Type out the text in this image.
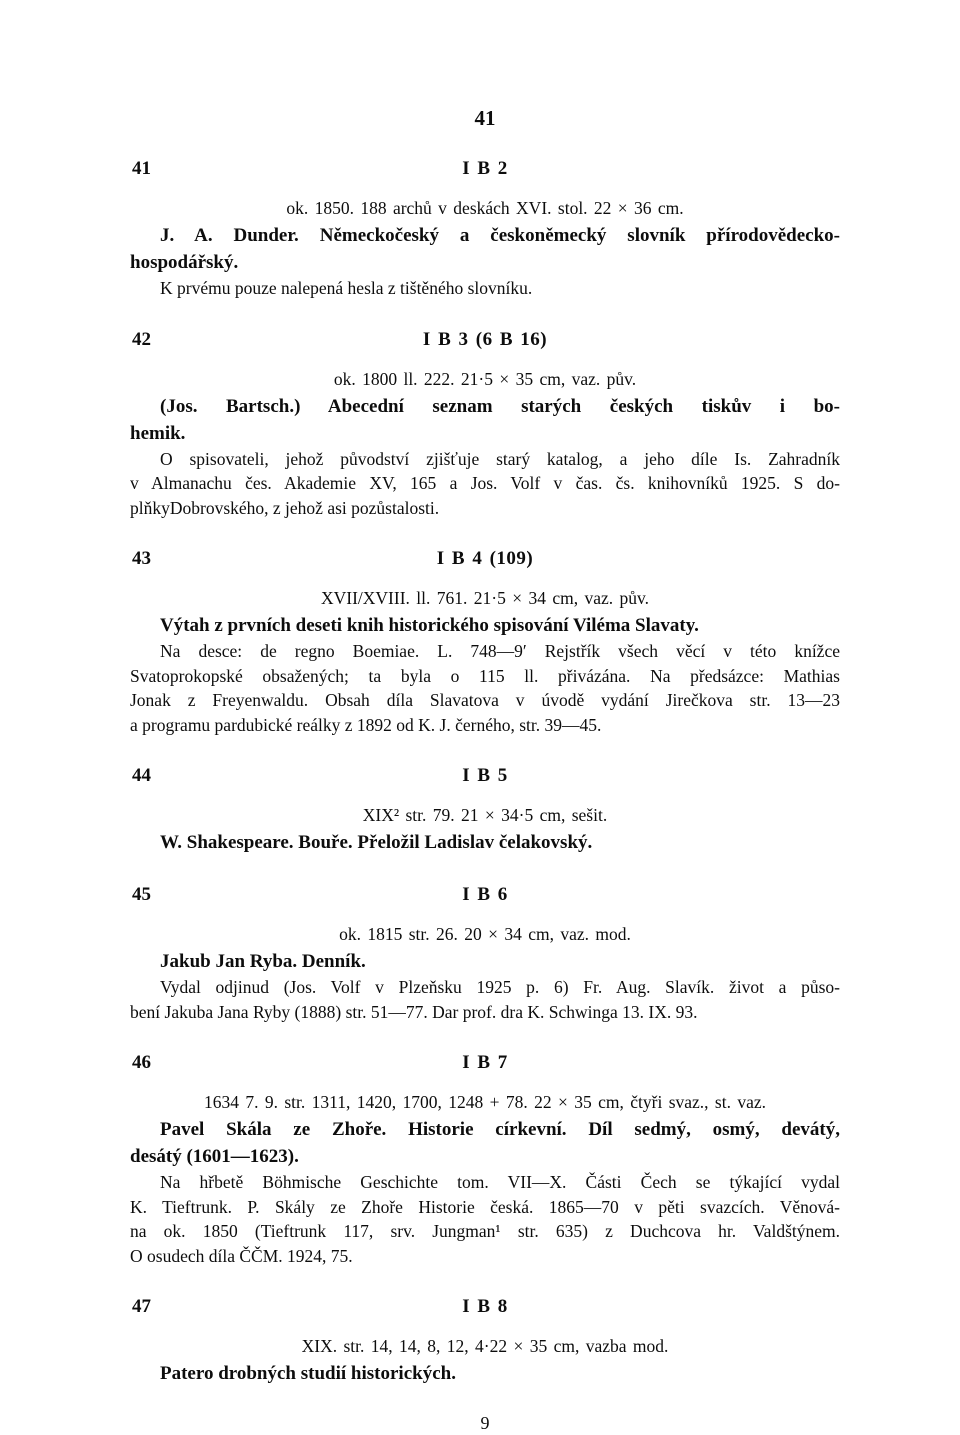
41
41	I B 2
ok. 1850. 188 archů v deskách XVI. stol. 22 × 36 cm.
J. A. Dunder. Německočeský a českoněmecký slovník přírodovědecko-
hospodářský.
K prvému pouze nalepená hesla z tištěného slovníku.
42	I B 3 (6 B 16)
ok. 1800 ll. 222. 21·5 × 35 cm, vaz. pův.
(Jos. Bartsch.) Abecední seznam starých českých tiskův i bo-
hemik.
O spisovateli, jehož původství zjišťuje starý katalog, a jeho díle Is. Zahradník
v Almanachu čes. Akademie XV, 165 a Jos. Volf v čas. čs. knihovníků 1925. S do-
plňkyDobrovského, z jehož asi pozůstalosti.
43	I B 4 (109)
XVII/XVIII. ll. 761. 21·5 × 34 cm, vaz. pův.
Výtah z prvních deseti knih historického spisování Viléma Slavaty.
Na desce: de regno Boemiae. L. 748—9′ Rejstřík všech věcí v této knížce
Svatoprokopské obsažených; ta byla o 115 ll. přivázána. Na předsázce: Mathias
Jonak z Freyenwaldu. Obsah díla Slavatova v úvodě vydání Jirečkova str. 13—23
a programu pardubické reálky z 1892 od K. J. černého, str. 39—45.
44	I B 5
XIX² str. 79. 21 × 34·5 cm, sešit.
W. Shakespeare. Bouře. Přeložil Ladislav čelakovský.
45	I B 6
ok. 1815 str. 26. 20 × 34 cm, vaz. mod.
Jakub Jan Ryba. Denník.
Vydal odjinud (Jos. Volf v Plzeňsku 1925 p. 6) Fr. Aug. Slavík. život a půso-
bení Jakuba Jana Ryby (1888) str. 51—77. Dar prof. dra K. Schwinga 13. IX. 93.
46	I B 7
1634 7. 9. str. 1311, 1420, 1700, 1248 + 78. 22 × 35 cm, čtyři svaz., st. vaz.
Pavel Skála ze Zhoře. Historie církevní. Díl sedmý, osmý, devátý,
desátý (1601—1623).
Na hřbetě Böhmische Geschichte tom. VII—X. Části Čech se týkající vydal
K. Tieftrunk. P. Skály ze Zhoře Historie česká. 1865—70 v pěti svazcích. Věnová-
na ok. 1850 (Tieftrunk 117, srv. Jungman¹ str. 635) z Duchcova hr. Valdštýnem.
O osudech díla ČČM. 1924, 75.
47	I B 8
XIX. str. 14, 14, 8, 12, 4·22 × 35 cm, vazba mod.
Patero drobných studií historických.
9
